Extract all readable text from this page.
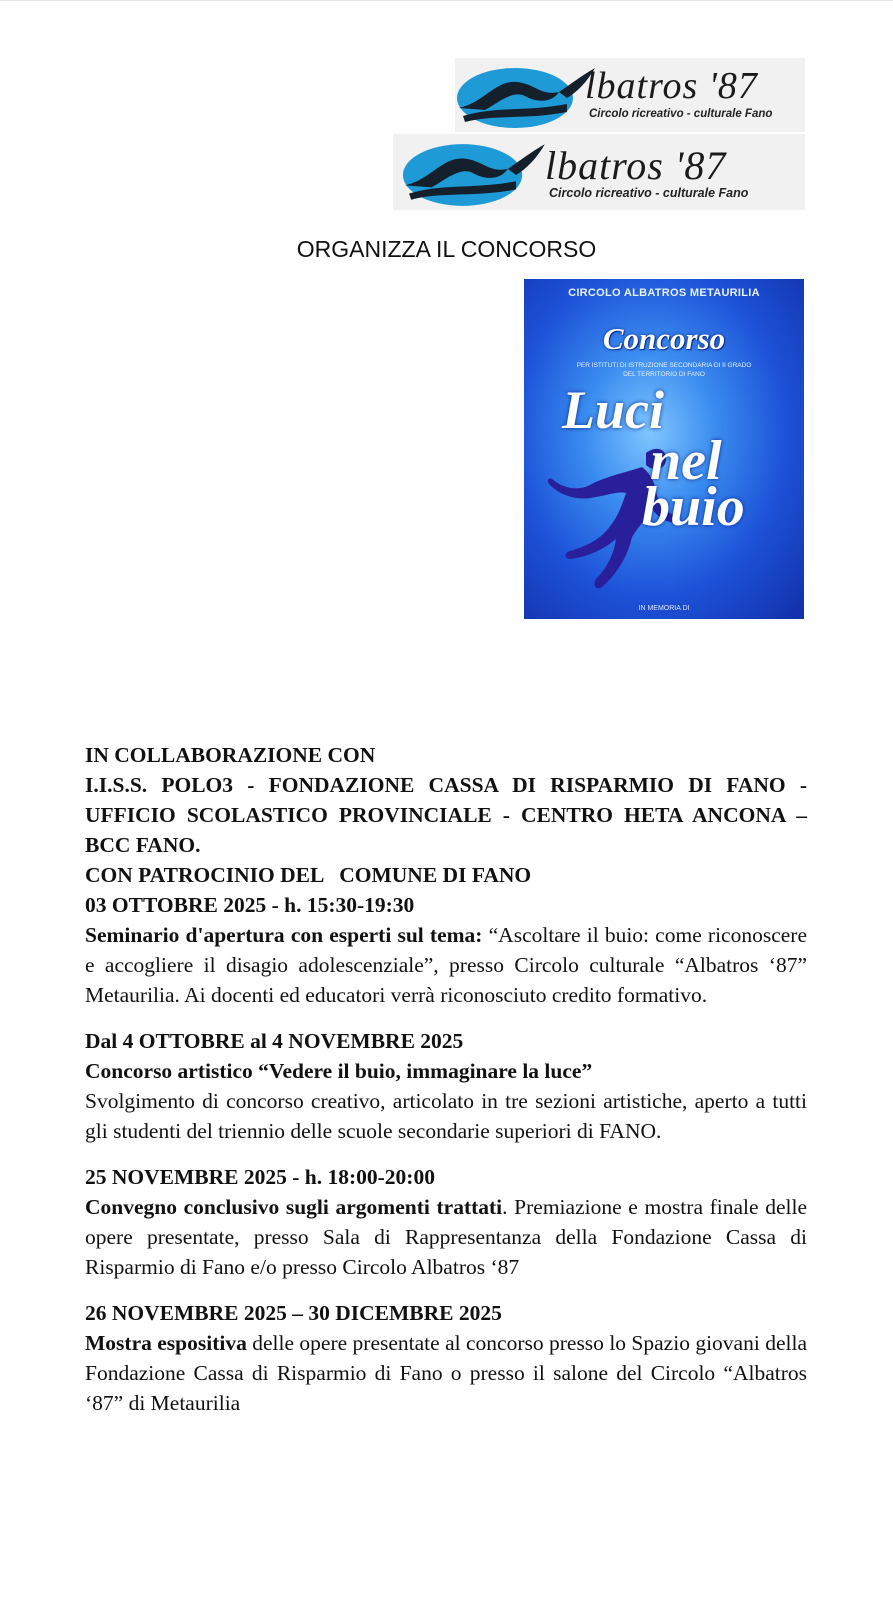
lbatros '87
Circolo ricreativo - culturale Fano
lbatros '87
Circolo ricreativo - culturale Fano
ORGANIZZA IL CONCORSO
CIRCOLO ALBATROS METAURILIA
Concorso
PER ISTITUTI DI ISTRUZIONE SECONDARIA DI II GRADO DEL TERRITORIO DI FANO
Luci
nel
buio
IN MEMORIA DI

IN COLLABORAZIONE CON

I.I.S.S. POLO3 - FONDAZIONE CASSA DI RISPARMIO DI FANO - UFFICIO SCOLASTICO PROVINCIALE - CENTRO HETA ANCONA – BCC FANO.

CON PATROCINIO DEL   COMUNE DI FANO

03 OTTOBRE 2025 - h. 15:30-19:30

Seminario d'apertura con esperti sul tema: “Ascoltare il buio: come riconoscere e accogliere il disagio adolescenziale”, presso Circolo culturale “Albatros ‘87” Metaurilia. Ai docenti ed educatori verrà riconosciuto credito formativo.

Dal 4 OTTOBRE al 4 NOVEMBRE 2025

Concorso artistico “Vedere il buio, immaginare la luce”

Svolgimento di concorso creativo, articolato in tre sezioni artistiche, aperto a tutti gli studenti del triennio delle scuole secondarie superiori di FANO.

25 NOVEMBRE 2025 - h. 18:00-20:00

Convegno conclusivo sugli argomenti trattati. Premiazione e mostra finale delle opere presentate, presso Sala di Rappresentanza della Fondazione Cassa di Risparmio di Fano e/o presso Circolo Albatros ‘87

26 NOVEMBRE 2025 – 30 DICEMBRE 2025

Mostra espositiva delle opere presentate al concorso presso lo Spazio giovani della Fondazione Cassa di Risparmio di Fano o presso il salone del Circolo “Albatros ‘87” di Metaurilia
